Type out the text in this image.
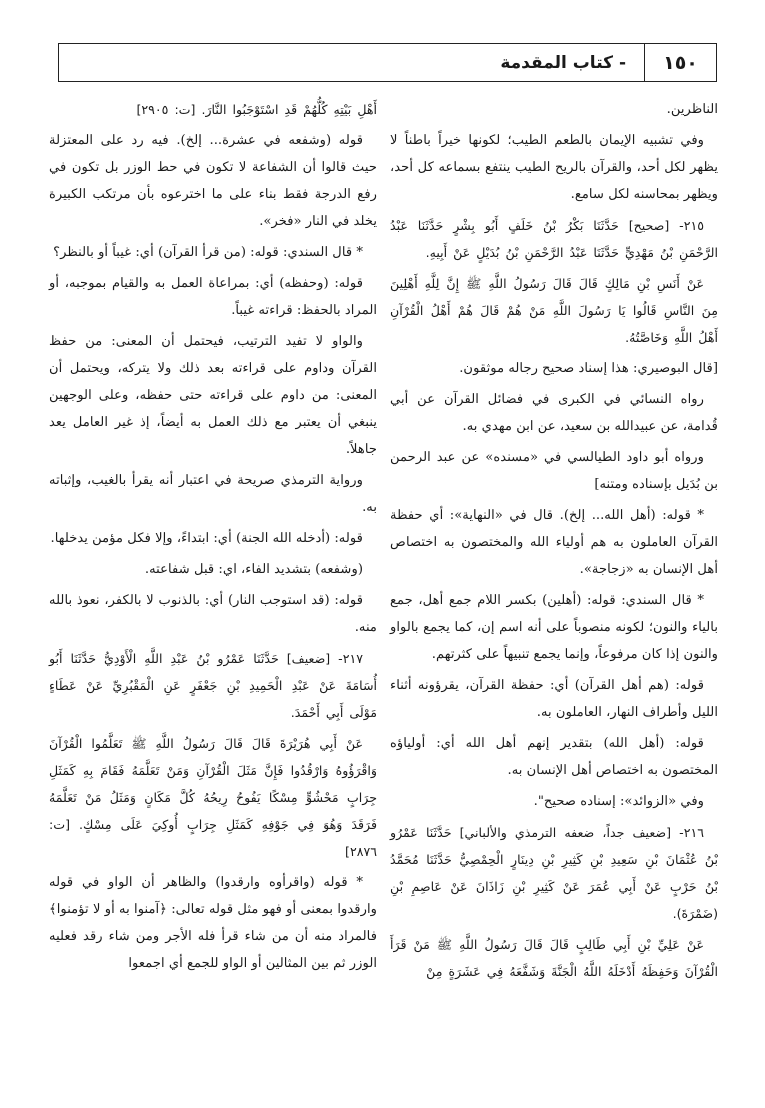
١٥٠
- كتاب المقدمة

الناظرين.

وفي تشبيه الإيمان بالطعم الطيب؛ لكونها خيراً باطناً لا يظهر لكل أحد، والقرآن بالريح الطيب ينتفع بسماعه كل أحد، ويظهر بمحاسنه لكل سامع.

٢١٥- [صحيح] حَدَّثَنَا بَكْرُ بْنُ خَلَفٍ أَبُو بِشْرٍ حَدَّثَنَا عَبْدُ الرَّحْمَنِ بْنُ مَهْدِيٍّ حَدَّثَنَا عَبْدُ الرَّحْمَنِ بْنُ بُدَيْلٍ عَنْ أَبِيهِ.

عَنْ أَنَسِ بْنِ مَالِكٍ قَالَ قَالَ رَسُولُ اللَّهِ ﷺ إِنَّ لِلَّهِ أَهْلِينَ مِنَ النَّاسِ قَالُوا يَا رَسُولَ اللَّهِ مَنْ هُمْ قَالَ هُمْ أَهْلُ الْقُرْآنِ أَهْلُ اللَّهِ وَخَاصَّتُهُ.

[قال البوصيري: هذا إسناد صحيح رجاله موثقون.

رواه النسائي في الكبرى في فضائل القرآن عن أبي قُدامة، عن عبيدالله بن سعيد، عن ابن مهدي به.

ورواه أبو داود الطيالسي في «مسنده» عن عبد الرحمن بن بُدَيل بإسناده ومتنه]

* قوله: (أهل الله... إلخ). قال في «النهاية»: أي حفظة القرآن العاملون به هم أولياء الله والمختصون به اختصاص أهل الإنسان به «زجاجة».

* قال السندي: قوله: (أهلين) بكسر اللام جمع أهل، جمع بالياء والنون؛ لكونه منصوباً على أنه اسم إن، كما يجمع بالواو والنون إذا كان مرفوعاً، وإنما يجمع تنبيهاً على كثرتهم.

قوله: (هم أهل القرآن) أي: حفظة القرآن، يقرؤونه أثناء الليل وأطراف النهار، العاملون به.

قوله: (أهل الله) بتقدير إنهم أهل الله أي: أولياؤه المختصون به اختصاص أهل الإنسان به.

وفي «الزوائد»: إسناده صحيح".

٢١٦- [ضعيف جداً، ضعفه الترمذي والألباني] حَدَّثَنَا عَمْرُو بْنُ عُثْمَانَ بْنِ سَعِيدِ بْنِ كَثِيرِ بْنِ دِينَارٍ الْحِمْصِيُّ حَدَّثَنَا مُحَمَّدُ بْنُ حَرْبٍ عَنْ أَبِي عُمَرَ عَنْ كَثِيرِ بْنِ زَاذَانَ عَنْ عَاصِمِ بْنِ (ضَمْرَةَ).

عَنْ عَلِيِّ بْنِ أَبِي طَالِبٍ قَالَ قَالَ رَسُولُ اللَّهِ ﷺ مَنْ قَرَأَ الْقُرْآنَ وَحَفِظَهُ أَدْخَلَهُ اللَّهُ الْجَنَّةَ وَشَفَّعَهُ فِي عَشَرَةٍ مِنْ

أَهْلِ بَيْتِهِ كُلُّهُمْ قَدِ اسْتَوْجَبُوا النَّارَ. [ت: ٢٩٠٥]

قوله (وشفعه في عشرة... إلخ). فيه رد على المعتزلة حيث قالوا أن الشفاعة لا تكون في حط الوزر بل تكون في رفع الدرجة فقط بناء على ما اخترعوه بأن مرتكب الكبيرة يخلد في النار «فخر».

* قال السندي: قوله: (من قرأ القرآن) أي: غيباً أو بالنظر؟

قوله: (وحفظه) أي: بمراعاة العمل به والقيام بموجبه، أو المراد بالحفظ: قراءته غيباً.

والواو لا تفيد الترتيب، فيحتمل أن المعنى: من حفظ القرآن وداوم على قراءته بعد ذلك ولا يتركه، ويحتمل أن المعنى: من داوم على قراءته حتى حفظه، وعلى الوجهين ينبغي أن يعتبر مع ذلك العمل به أيضاً، إذ غير العامل يعد جاهلاً.

ورواية الترمذي صريحة في اعتبار أنه يقرأ بالغيب، وإثباته به.

قوله: (أدخله الله الجنة) أي: ابتداءً، وإلا فكل مؤمن يدخلها.

(وشفعه) بتشديد الفاء، اي: قبل شفاعته.

قوله: (قد استوجب النار) أي: بالذنوب لا بالكفر، نعوذ بالله منه.

٢١٧- [ضعيف] حَدَّثَنَا عَمْرُو بْنُ عَبْدِ اللَّهِ الْأَوْدِيُّ حَدَّثَنَا أَبُو أُسَامَةَ عَنْ عَبْدِ الْحَمِيدِ بْنِ جَعْفَرٍ عَنِ الْمَقْبُرِيِّ عَنْ عَطَاءٍ مَوْلَى أَبِي أَحْمَدَ.

عَنْ أَبِي هُرَيْرَةَ قَالَ قَالَ رَسُولُ اللَّهِ ﷺ تَعَلَّمُوا الْقُرْآنَ وَاقْرَؤُوهُ وَارْقُدُوا فَإِنَّ مَثَلَ الْقُرْآنِ وَمَنْ تَعَلَّمَهُ فَقَامَ بِهِ كَمَثَلِ جِرَابٍ مَحْشُوٍّ مِسْكًا يَفُوحُ رِيحُهُ كُلَّ مَكَانٍ وَمَثَلُ مَنْ تَعَلَّمَهُ فَرَقَدَ وَهُوَ فِي جَوْفِهِ كَمَثَلِ جِرَابٍ أُوكِيَ عَلَى مِسْكٍ. [ت: ٢٨٧٦]

* قوله (واقرأوه وارقدوا) والظاهر أن الواو في قوله وارقدوا بمعنى أو فهو مثل قوله تعالى: ﴿آمنوا به أو لا تؤمنوا﴾ فالمراد منه أن من شاء قرأ فله الأجر ومن شاء رقد فعليه الوزر ثم بين المثالين أو الواو للجمع أي اجمعوا
